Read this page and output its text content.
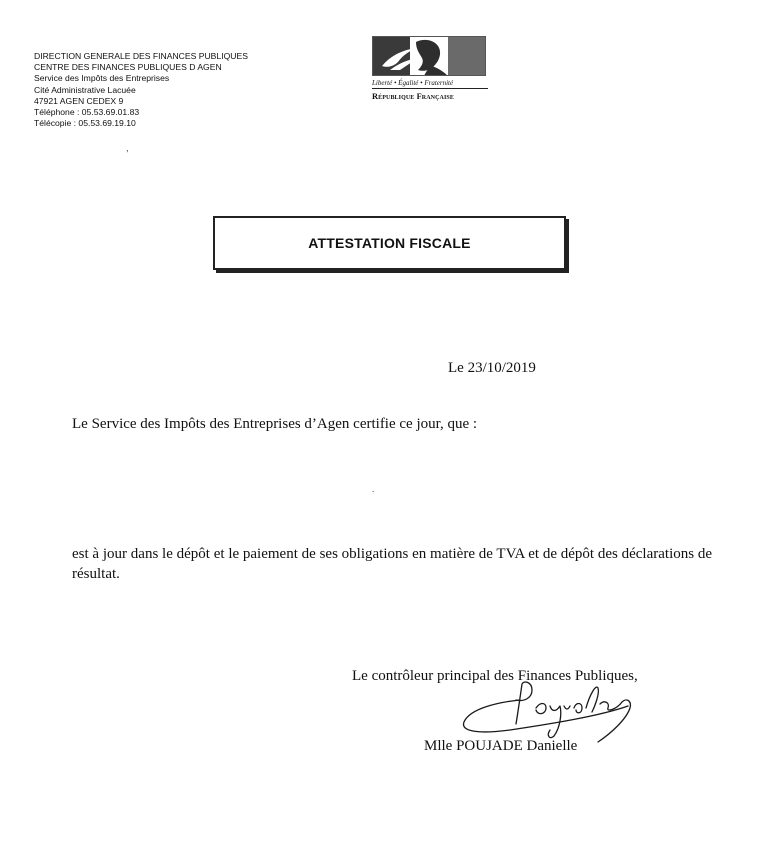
DIRECTION GENERALE DES FINANCES PUBLIQUES
CENTRE DES FINANCES PUBLIQUES D AGEN
Service des Impôts des Entreprises
Cité Administrative Lacuée
47921 AGEN CEDEX 9
Téléphone : 05.53.69.01.83
Télécopie : 05.53.69.19.10
,
Liberté • Égalité • Fraternité
République Française
ATTESTATION FISCALE
Le 23/10/2019
Le Service des Impôts des Entreprises d’Agen certifie ce jour, que :
.
est à jour dans le dépôt et le paiement de ses obligations en matière de TVA et de dépôt des déclarations de résultat.
Le contrôleur principal des Finances Publiques,
Mlle POUJADE Danielle
